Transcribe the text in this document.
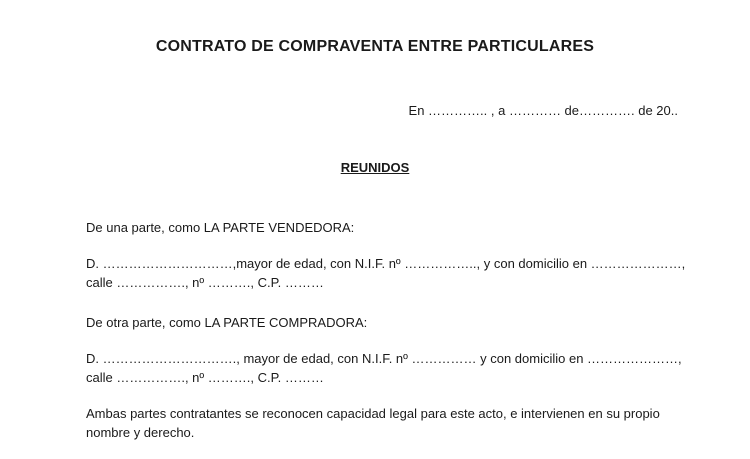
CONTRATO DE COMPRAVENTA ENTRE PARTICULARES
En ………….. , a ………… de…………. de 20..
REUNIDOS
De una parte, como LA PARTE VENDEDORA:
D. …………………………,mayor de edad, con N.I.F. nº …………….., y con domicilio en …………………,
calle ……………., nº ………., C.P. ………
De otra parte, como LA PARTE COMPRADORA:
D. …………………………., mayor de edad, con N.I.F. nº …………… y con domicilio en …………………,
calle ……………., nº ………., C.P. ………
Ambas partes contratantes se reconocen capacidad legal para este acto, e intervienen en su propio nombre y derecho.
